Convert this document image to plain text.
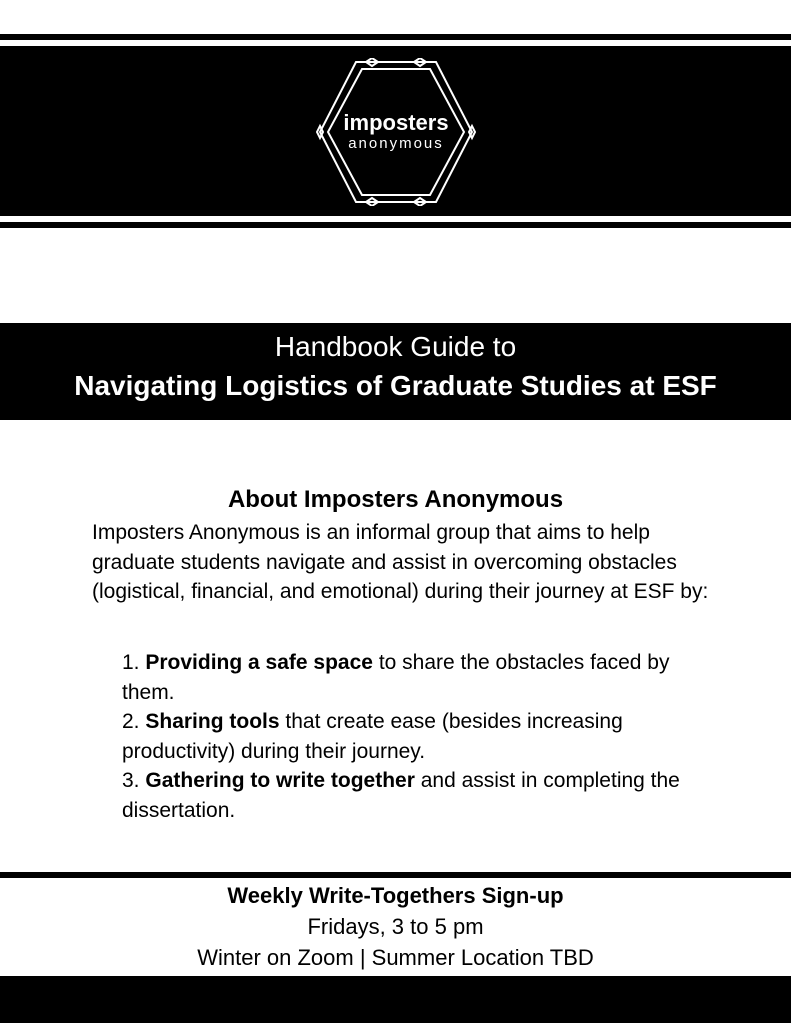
imposters
anonymous
Handbook Guide to
Navigating Logistics of Graduate Studies at ESF
About Imposters Anonymous
Imposters Anonymous is an informal group that aims to help graduate students navigate and assist in overcoming obstacles (logistical, financial, and emotional) during their journey at ESF by:

1. Providing a safe space to share the obstacles faced by them.

2. Sharing tools that create ease (besides increasing productivity) during their journey.

3. Gathering to write together and assist in completing the dissertation.

Weekly Write-Togethers Sign-up
Fridays, 3 to 5 pm
Winter on Zoom | Summer Location TBD
